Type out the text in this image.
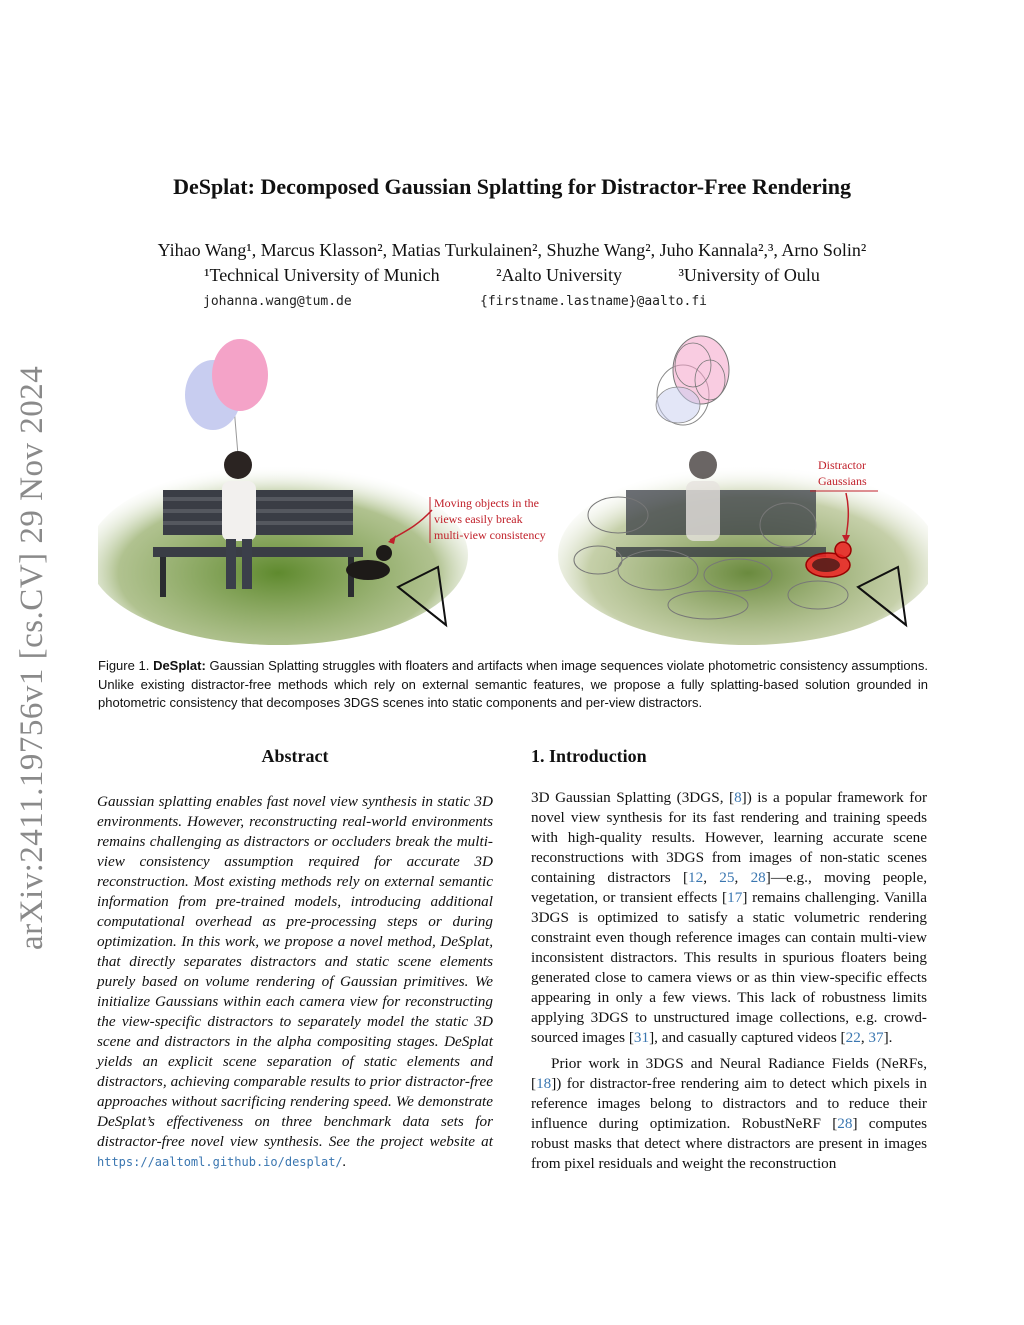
arXiv:2411.19756v1 [cs.CV] 29 Nov 2024
DeSplat: Decomposed Gaussian Splatting for Distractor-Free Rendering
Yihao Wang¹, Marcus Klasson², Matias Turkulainen², Shuzhe Wang², Juho Kannala²,³, Arno Solin²
¹Technical University of Munich	²Aalto University	³University of Oulu
johanna.wang@tum.de	{firstname.lastname}@aalto.fi
Moving objects in the
views easily break
multi-view consistency
Distractor
Gaussians
Figure 1. DeSplat: Gaussian Splatting struggles with floaters and artifacts when image sequences violate photometric consistency assumptions. Unlike existing distractor-free methods which rely on external semantic features, we propose a fully splatting-based solution grounded in photometric consistency that decomposes 3DGS scenes into static components and per-view distractors.
Abstract
Gaussian splatting enables fast novel view synthesis in static 3D environments. However, reconstructing real-world environments remains challenging as distractors or occluders break the multi-view consistency assumption required for accurate 3D reconstruction. Most existing methods rely on external semantic information from pre-trained models, introducing additional computational overhead as pre-processing steps or during optimization. In this work, we propose a novel method, DeSplat, that directly separates distractors and static scene elements purely based on volume rendering of Gaussian primitives. We initialize Gaussians within each camera view for reconstructing the view-specific distractors to separately model the static 3D scene and distractors in the alpha compositing stages. DeSplat yields an explicit scene separation of static elements and distractors, achieving comparable results to prior distractor-free approaches without sacrificing rendering speed. We demonstrate DeSplat’s effectiveness on three benchmark data sets for distractor-free novel view synthesis. See the project website at https://aaltoml.github.io/desplat/.
1. Introduction

3D Gaussian Splatting (3DGS, [8]) is a popular framework for novel view synthesis for its fast rendering and training speeds with high-quality results. However, learning accurate scene reconstructions with 3DGS from images of non-static scenes containing distractors [12, 25, 28]—e.g., moving people, vegetation, or transient effects [17] remains challenging. Vanilla 3DGS is optimized to satisfy a static volumetric rendering constraint even though reference images can contain multi-view inconsistent distractors. This results in spurious floaters being generated close to camera views or as thin view-specific effects appearing in only a few views. This lack of robustness limits applying 3DGS to unstructured image collections, e.g. crowd-sourced images [31], and casually captured videos [22, 37].

Prior work in 3DGS and Neural Radiance Fields (NeRFs, [18]) for distractor-free rendering aim to detect which pixels in reference images belong to distractors and to reduce their influence during optimization. RobustNeRF [28] computes robust masks that detect where distractors are present in images from pixel residuals and weight the reconstruction
